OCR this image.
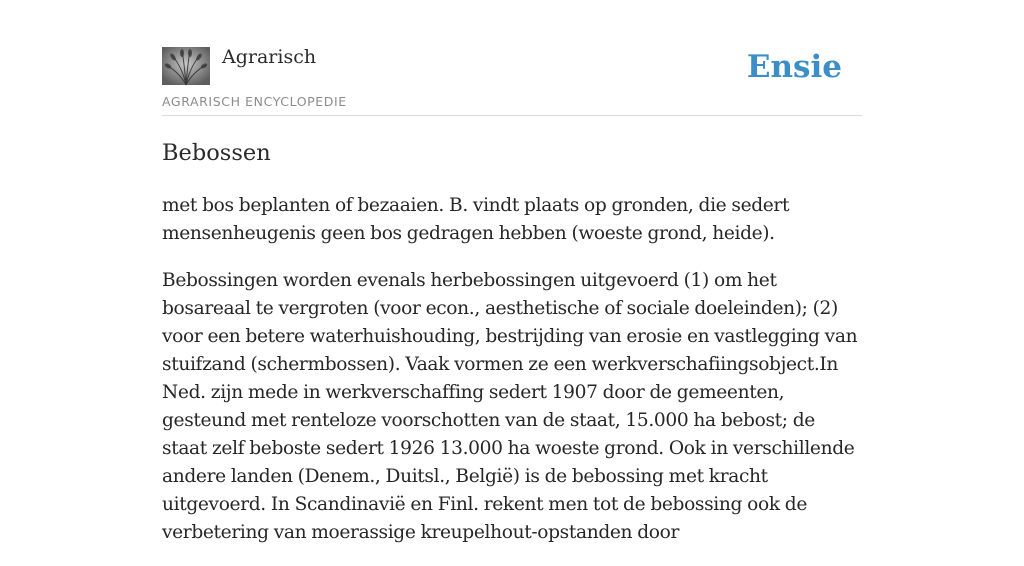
Agrarisch
AGRARISCH ENCYCLOPEDIE
Ensie
Bebossen

met bos beplanten of bezaaien. B. vindt plaats op gronden, die sedert mensenheugenis geen bos gedragen hebben (woeste grond, heide).

Bebossingen worden evenals herbebossingen uitgevoerd (1) om het bosareaal te vergroten (voor econ., aesthetische of sociale doeleinden); (2) voor een betere waterhuishouding, bestrijding van erosie en vastlegging van stuifzand (schermbossen). Vaak vormen ze een werkverschafiingsobject.In Ned. zijn mede in werkverschaffing sedert 1907 door de gemeenten, gesteund met renteloze voorschotten van de staat, 15.000 ha bebost; de staat zelf beboste sedert 1926 13.000 ha woeste grond. Ook in verschillende andere landen (Denem., Duitsl., België) is de bebossing met kracht uitgevoerd. In Scandinavië en Finl. rekent men tot de bebossing ook de verbetering van moerassige kreupelhout-opstanden door
